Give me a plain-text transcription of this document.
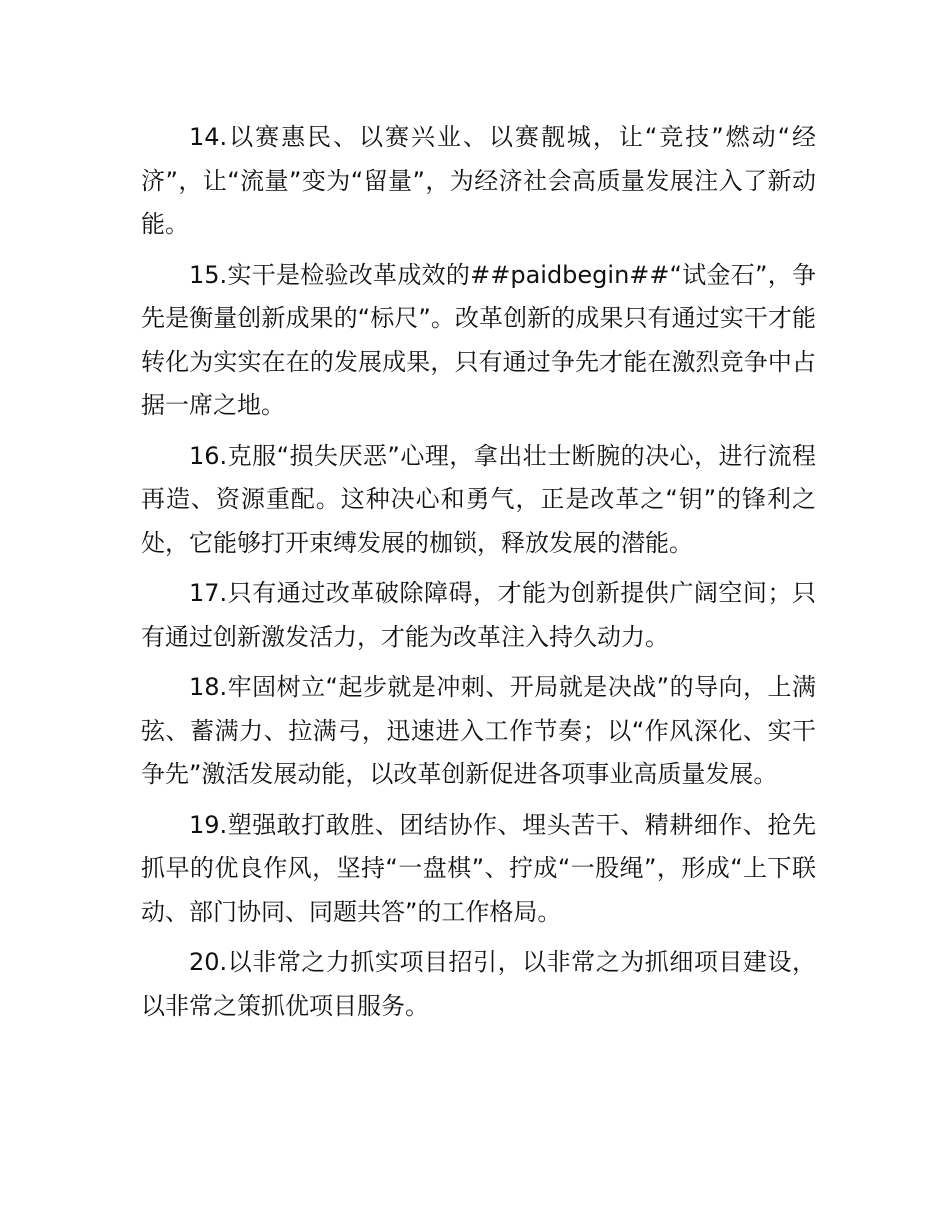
14.以赛惠民、以赛兴业、以赛靓城，让“竞技”燃动“经济”，让“流量”变为“留量”，为经济社会高质量发展注入了新动能。

15.实干是检验改革成效的##paidbegin##“试金石”，争先是衡量创新成果的“标尺”。改革创新的成果只有通过实干才能转化为实实在在的发展成果，只有通过争先才能在激烈竞争中占据一席之地。

16.克服“损失厌恶”心理，拿出壮士断腕的决心，进行流程再造、资源重配。这种决心和勇气，正是改革之“钥”的锋利之处，它能够打开束缚发展的枷锁，释放发展的潜能。

17.只有通过改革破除障碍，才能为创新提供广阔空间；只有通过创新激发活力，才能为改革注入持久动力。

18.牢固树立“起步就是冲刺、开局就是决战”的导向，上满弦、蓄满力、拉满弓，迅速进入工作节奏；以“作风深化、实干争先”激活发展动能，以改革创新促进各项事业高质量发展。

19.塑强敢打敢胜、团结协作、埋头苦干、精耕细作、抢先抓早的优良作风，坚持“一盘棋”、拧成“一股绳”，形成“上下联动、部门协同、同题共答”的工作格局。

20.以非常之力抓实项目招引，以非常之为抓细项目建设，以非常之策抓优项目服务。
